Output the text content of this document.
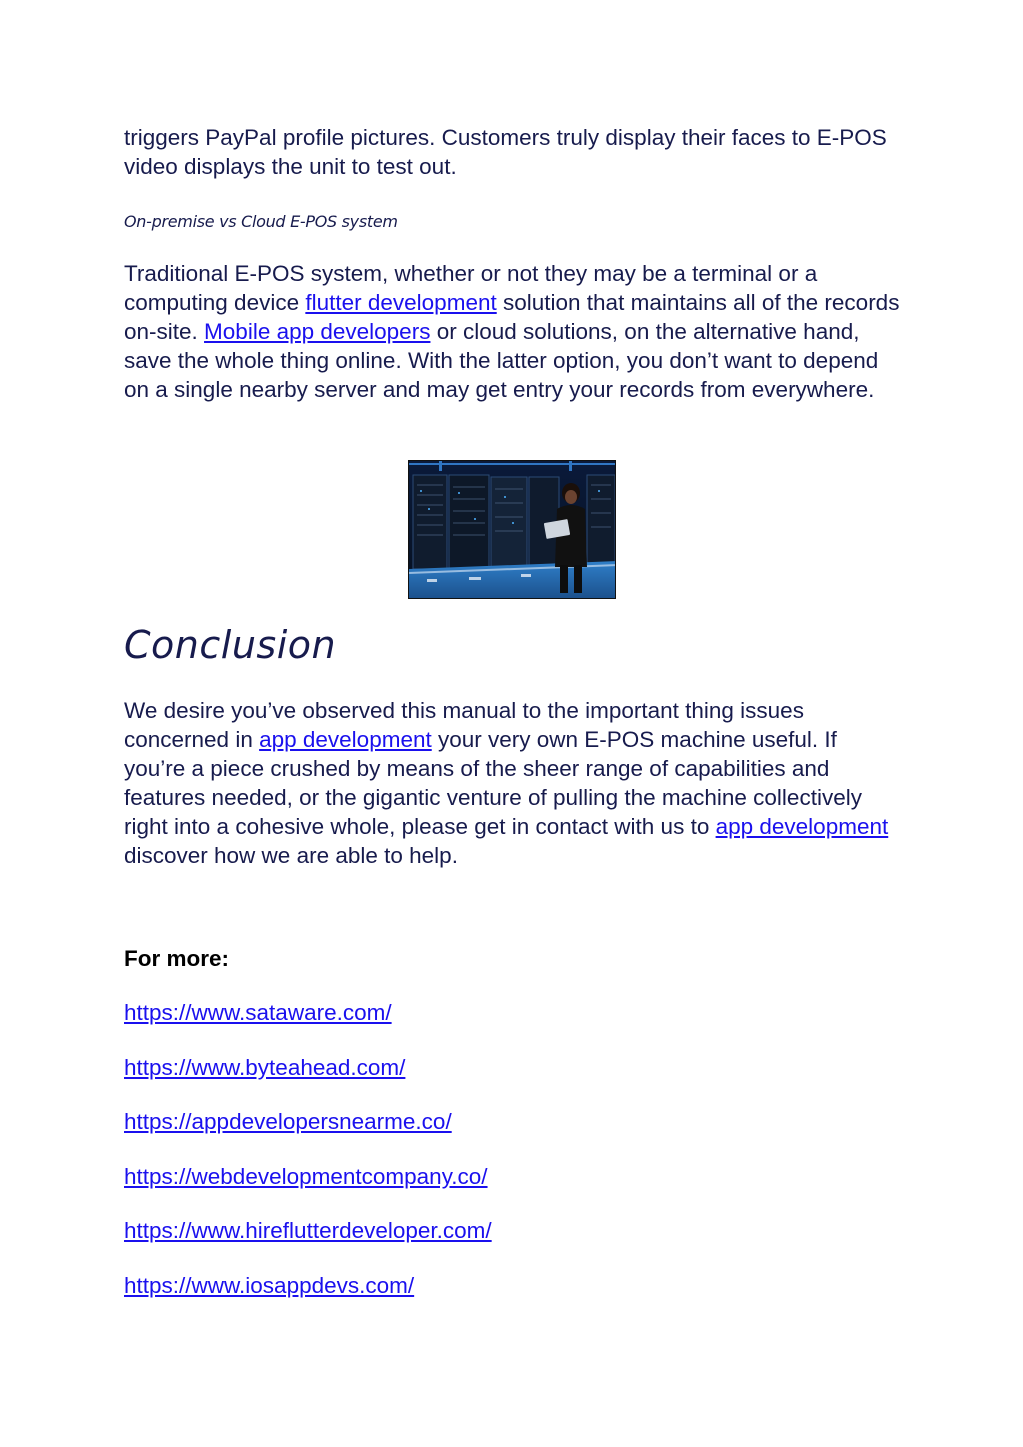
triggers PayPal profile pictures. Customers truly display their faces to E-POS video displays the unit to test out.

On-premise vs Cloud E-POS system

Traditional E-POS system, whether or not they may be a terminal or a computing device flutter development solution that maintains all of the records on-site. Mobile app developers or cloud solutions, on the alternative hand, save the whole thing online. With the latter option, you don’t want to depend on a single nearby server and may get entry your records from everywhere.

Conclusion

We desire you’ve observed this manual to the important thing issues concerned in app development your very own E-POS machine useful. If you’re a piece crushed by means of the sheer range of capabilities and features needed, or the gigantic venture of pulling the machine collectively right into a cohesive whole, please get in contact with us to app development discover how we are able to help.

For more:

https://www.sataware.com/
https://www.byteahead.com/
https://appdevelopersnearme.co/
https://webdevelopmentcompany.co/
https://www.hireflutterdeveloper.com/
https://www.iosappdevs.com/
